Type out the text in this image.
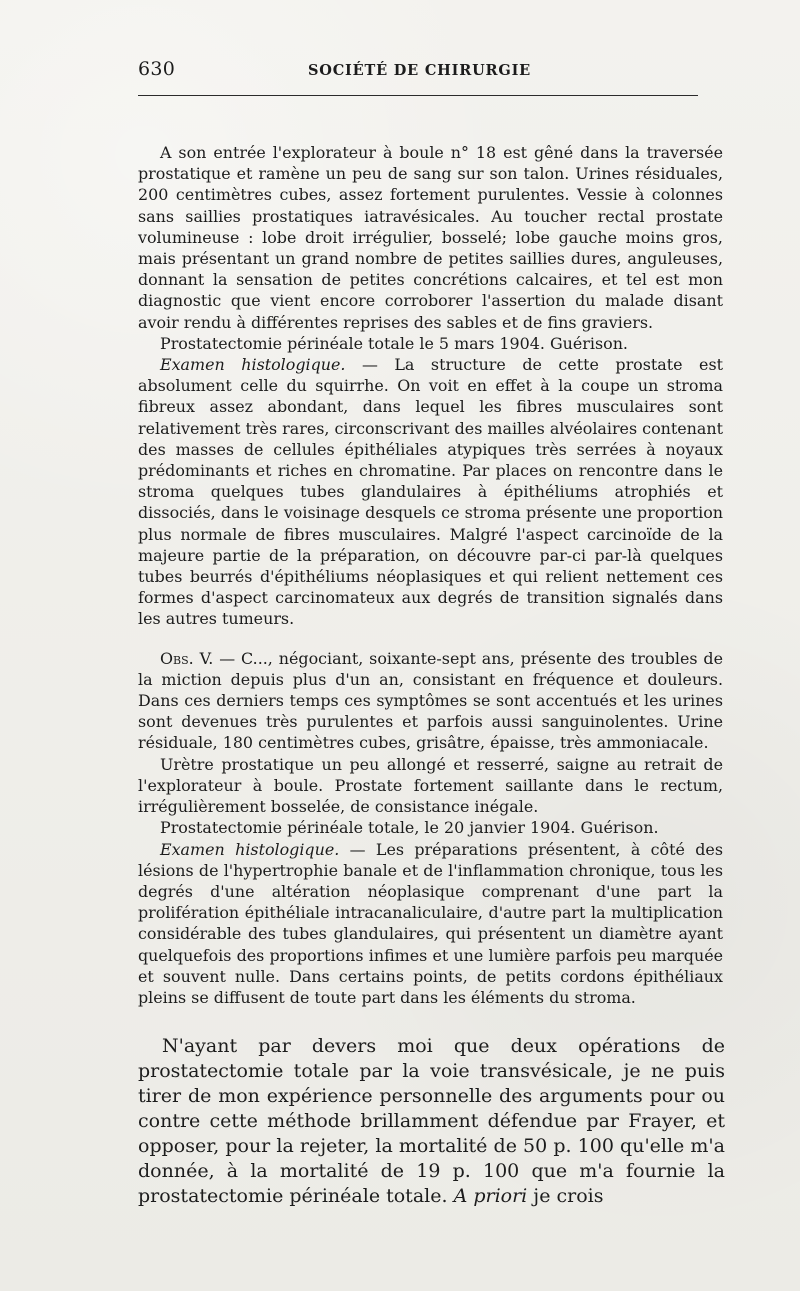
630	SOCIÉTÉ DE CHIRURGIE

A son entrée l'explorateur à boule n° 18 est gêné dans la traversée prostatique et ramène un peu de sang sur son talon. Urines résiduales, 200 centimètres cubes, assez fortement purulentes. Vessie à colonnes sans saillies prostatiques iatravésicales. Au toucher rectal prostate volumineuse : lobe droit irrégulier, bosselé; lobe gauche moins gros, mais présentant un grand nombre de petites saillies dures, anguleuses, donnant la sensation de petites concrétions calcaires, et tel est mon diagnostic que vient encore corroborer l'assertion du malade disant avoir rendu à différentes reprises des sables et de fins graviers.

Prostatectomie périnéale totale le 5 mars 1904. Guérison.

Examen histologique. — La structure de cette prostate est absolument celle du squirrhe. On voit en effet à la coupe un stroma fibreux assez abondant, dans lequel les fibres musculaires sont relativement très rares, circonscrivant des mailles alvéolaires contenant des masses de cellules épithéliales atypiques très serrées à noyaux prédominants et riches en chromatine. Par places on rencontre dans le stroma quelques tubes glandulaires à épithéliums atrophiés et dissociés, dans le voisinage desquels ce stroma présente une proportion plus normale de fibres musculaires. Malgré l'aspect carcinoïde de la majeure partie de la préparation, on découvre par-ci par-là quelques tubes beurrés d'épithéliums néoplasiques et qui relient nettement ces formes d'aspect carcinomateux aux degrés de transition signalés dans les autres tumeurs.

Obs. V. — C..., négociant, soixante-sept ans, présente des troubles de la miction depuis plus d'un an, consistant en fréquence et douleurs. Dans ces derniers temps ces symptômes se sont accentués et les urines sont devenues très purulentes et parfois aussi sanguinolentes. Urine résiduale, 180 centimètres cubes, grisâtre, épaisse, très ammoniacale.

Urètre prostatique un peu allongé et resserré, saigne au retrait de l'explorateur à boule. Prostate fortement saillante dans le rectum, irrégulièrement bosselée, de consistance inégale.

Prostatectomie périnéale totale, le 20 janvier 1904. Guérison.

Examen histologique. — Les préparations présentent, à côté des lésions de l'hypertrophie banale et de l'inflammation chronique, tous les degrés d'une altération néoplasique comprenant d'une part la prolifération épithéliale intracanaliculaire, d'autre part la multiplication considérable des tubes glandulaires, qui présentent un diamètre ayant quelquefois des proportions infimes et une lumière parfois peu marquée et souvent nulle. Dans certains points, de petits cordons épithéliaux pleins se diffusent de toute part dans les éléments du stroma.

N'ayant par devers moi que deux opérations de prostatectomie totale par la voie transvésicale, je ne puis tirer de mon expérience personnelle des arguments pour ou contre cette méthode brillamment défendue par Frayer, et opposer, pour la rejeter, la mortalité de 50 p. 100 qu'elle m'a donnée, à la mortalité de 19 p. 100 que m'a fournie la prostatectomie périnéale totale. A priori je crois
